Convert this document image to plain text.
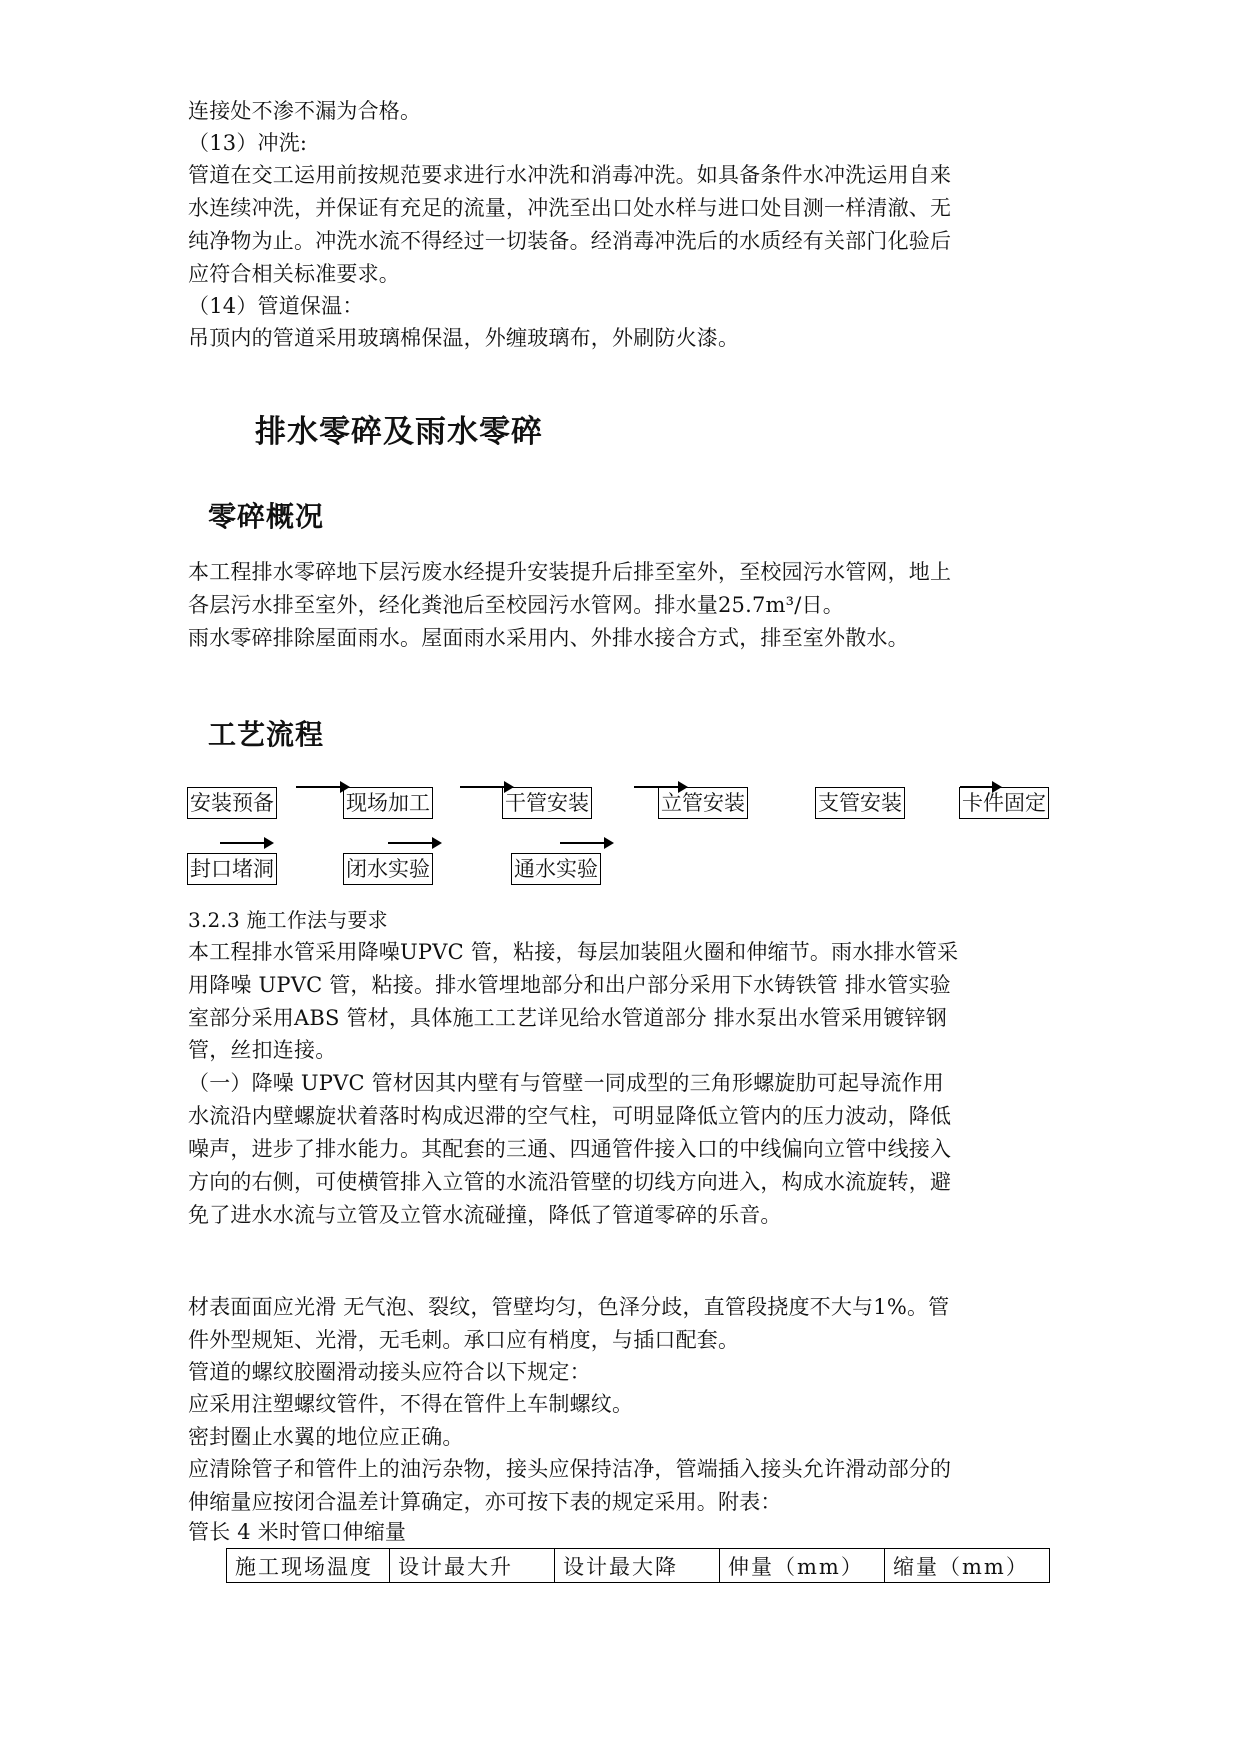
连接处不渗不漏为合格。
（13）冲洗:
管道在交工运用前按规范要求进行水冲洗和消毒冲洗。如具备条件水冲洗运用自来
水连续冲洗，并保证有充足的流量，冲洗至出口处水样与进口处目测一样清澈、无
纯净物为止。冲洗水流不得经过一切装备。经消毒冲洗后的水质经有关部门化验后
应符合相关标准要求。
（14）管道保温：
吊顶内的管道采用玻璃棉保温，外缠玻璃布，外刷防火漆。
排水零碎及雨水零碎
零碎概况
本工程排水零碎地下层污废水经提升安装提升后排至室外，至校园污水管网，地上
各层污水排至室外，经化粪池后至校园污水管网。排水量25.7m³/日。
雨水零碎排除屋面雨水。屋面雨水采用内、外排水接合方式，排至室外散水。
工艺流程
安装预备	现场加工	干管安装	立管安装	支管安装	卡件固定
封口堵洞	闭水实验	通水实验
3.2.3 施工作法与要求
本工程排水管采用降噪UPVC 管，粘接，每层加装阻火圈和伸缩节。雨水排水管采
用降噪 UPVC 管，粘接。排水管埋地部分和出户部分采用下水铸铁管 排水管实验
室部分采用ABS 管材，具体施工工艺详见给水管道部分 排水泵出水管采用镀锌钢
管，丝扣连接。
（一）降噪 UPVC 管材因其内壁有与管壁一同成型的三角形螺旋肋可起导流作用
水流沿内壁螺旋状着落时构成迟滞的空气柱，可明显降低立管内的压力波动，降低
噪声，进步了排水能力。其配套的三通、四通管件接入口的中线偏向立管中线接入
方向的右侧，可使横管排入立管的水流沿管壁的切线方向进入，构成水流旋转，避
免了进水水流与立管及立管水流碰撞，降低了管道零碎的乐音。
材表面面应光滑 无气泡、裂纹，管壁均匀，色泽分歧，直管段挠度不大与1%。管
件外型规矩、光滑，无毛刺。承口应有梢度，与插口配套。
管道的螺纹胶圈滑动接头应符合以下规定：
应采用注塑螺纹管件，不得在管件上车制螺纹。
密封圈止水翼的地位应正确。
应清除管子和管件上的油污杂物，接头应保持洁净，管端插入接头允许滑动部分的
伸缩量应按闭合温差计算确定，亦可按下表的规定采用。附表：
管长 4 米时管口伸缩量
施工现场温度	设计最大升	设计最大降	伸量（mm）	缩量（mm）
